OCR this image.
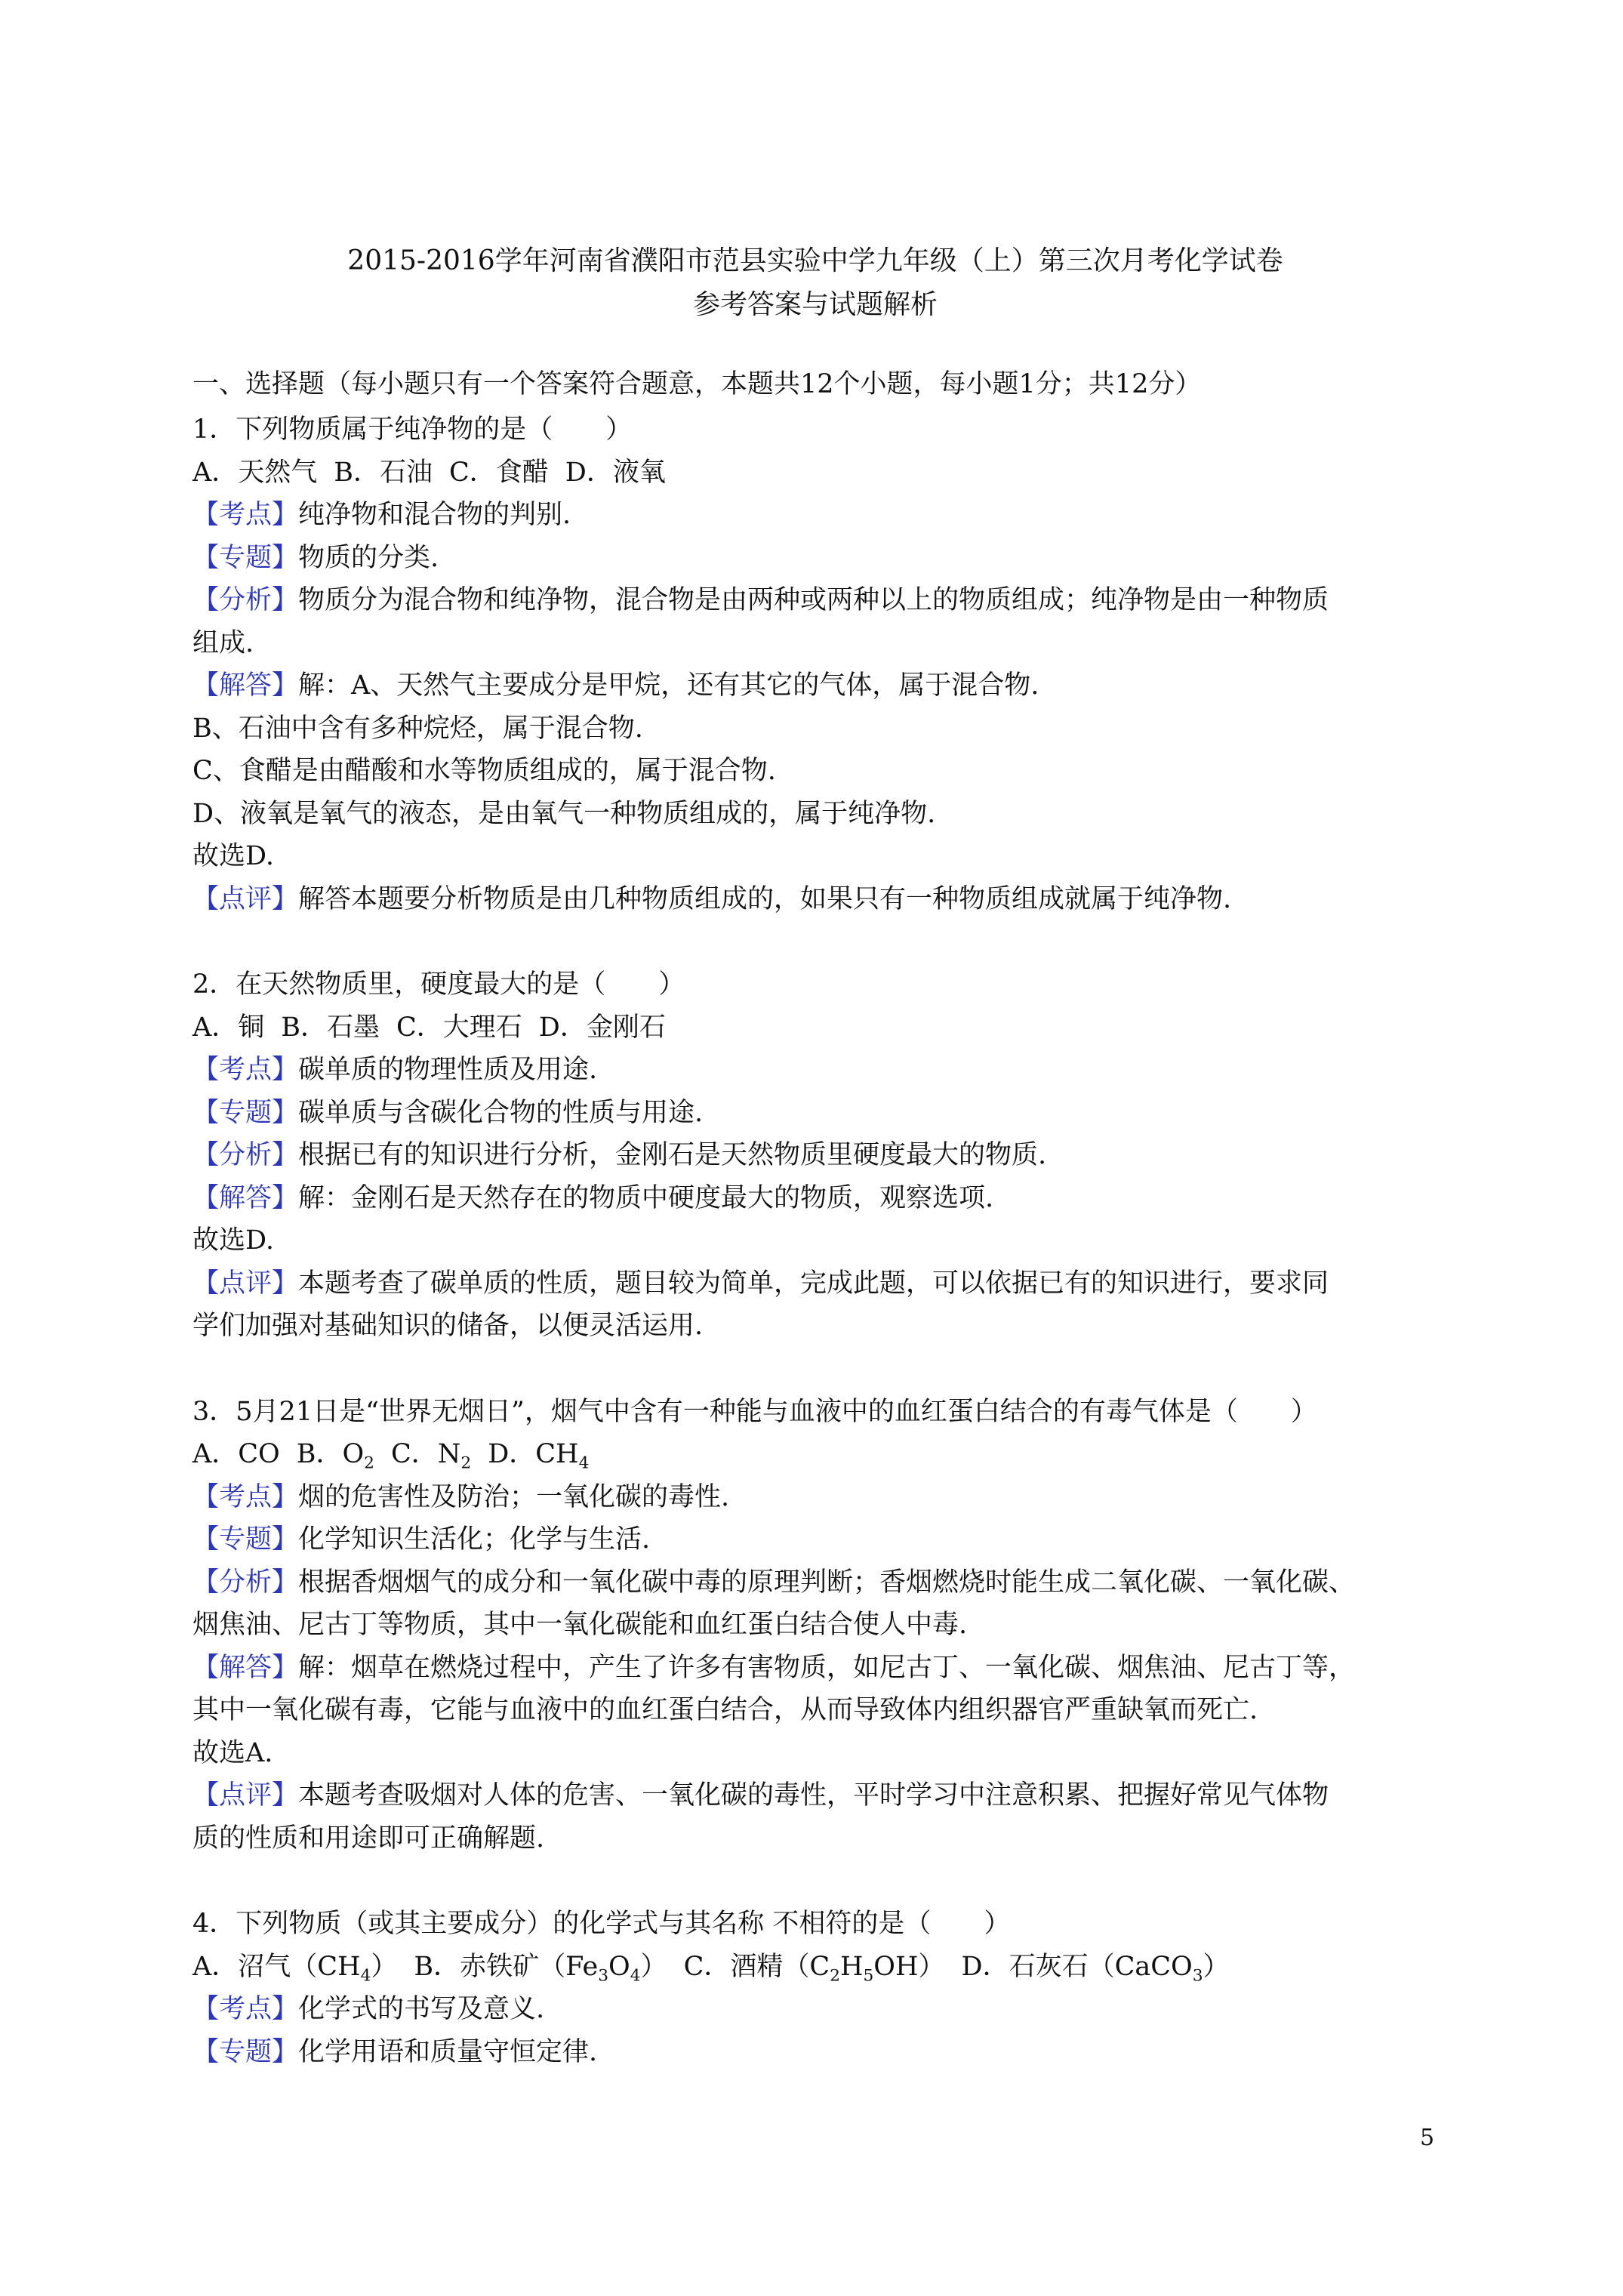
2015-2016学年河南省濮阳市范县实验中学九年级（上）第三次月考化学试卷
参考答案与试题解析
一、选择题（每小题只有一个答案符合题意，本题共12个小题，每小题1分；共12分）
1．下列物质属于纯净物的是（　　）
A．天然气 B．石油 C．食醋 D．液氧
【考点】纯净物和混合物的判别.
【专题】物质的分类.
【分析】物质分为混合物和纯净物，混合物是由两种或两种以上的物质组成；纯净物是由一种物质
组成.
【解答】解：A、天然气主要成分是甲烷，还有其它的气体，属于混合物.
B、石油中含有多种烷烃，属于混合物.
C、食醋是由醋酸和水等物质组成的，属于混合物.
D、液氧是氧气的液态，是由氧气一种物质组成的，属于纯净物.
故选D.
【点评】解答本题要分析物质是由几种物质组成的，如果只有一种物质组成就属于纯净物.
2．在天然物质里，硬度最大的是（　　）
A．铜 B．石墨 C．大理石 D．金刚石
【考点】碳单质的物理性质及用途.
【专题】碳单质与含碳化合物的性质与用途.
【分析】根据已有的知识进行分析，金刚石是天然物质里硬度最大的物质.
【解答】解：金刚石是天然存在的物质中硬度最大的物质，观察选项.
故选D.
【点评】本题考查了碳单质的性质，题目较为简单，完成此题，可以依据已有的知识进行，要求同
学们加强对基础知识的储备，以便灵活运用.
3．5月21日是“世界无烟日”，烟气中含有一种能与血液中的血红蛋白结合的有毒气体是（　　）
A．CO B．$O_2$ C．$N_2$ D．$CH_4$
【考点】烟的危害性及防治；一氧化碳的毒性.
【专题】化学知识生活化；化学与生活.
【分析】根据香烟烟气的成分和一氧化碳中毒的原理判断；香烟燃烧时能生成二氧化碳、一氧化碳、
烟焦油、尼古丁等物质，其中一氧化碳能和血红蛋白结合使人中毒.
【解答】解：烟草在燃烧过程中，产生了许多有害物质，如尼古丁、一氧化碳、烟焦油、尼古丁等，
其中一氧化碳有毒，它能与血液中的血红蛋白结合，从而导致体内组织器官严重缺氧而死亡.
故选A.
【点评】本题考查吸烟对人体的危害、一氧化碳的毒性，平时学习中注意积累、把握好常见气体物
质的性质和用途即可正确解题.
4．下列物质（或其主要成分）的化学式与其名称 不相符的是（　　）
A．沼气$(CH_4)$ B．赤铁矿$(Fe_3O_4)$ C．酒精$(C_2H_5OH)$ D．石灰石（CaCO$_3$）
【考点】化学式的书写及意义.
【专题】化学用语和质量守恒定律.
5
